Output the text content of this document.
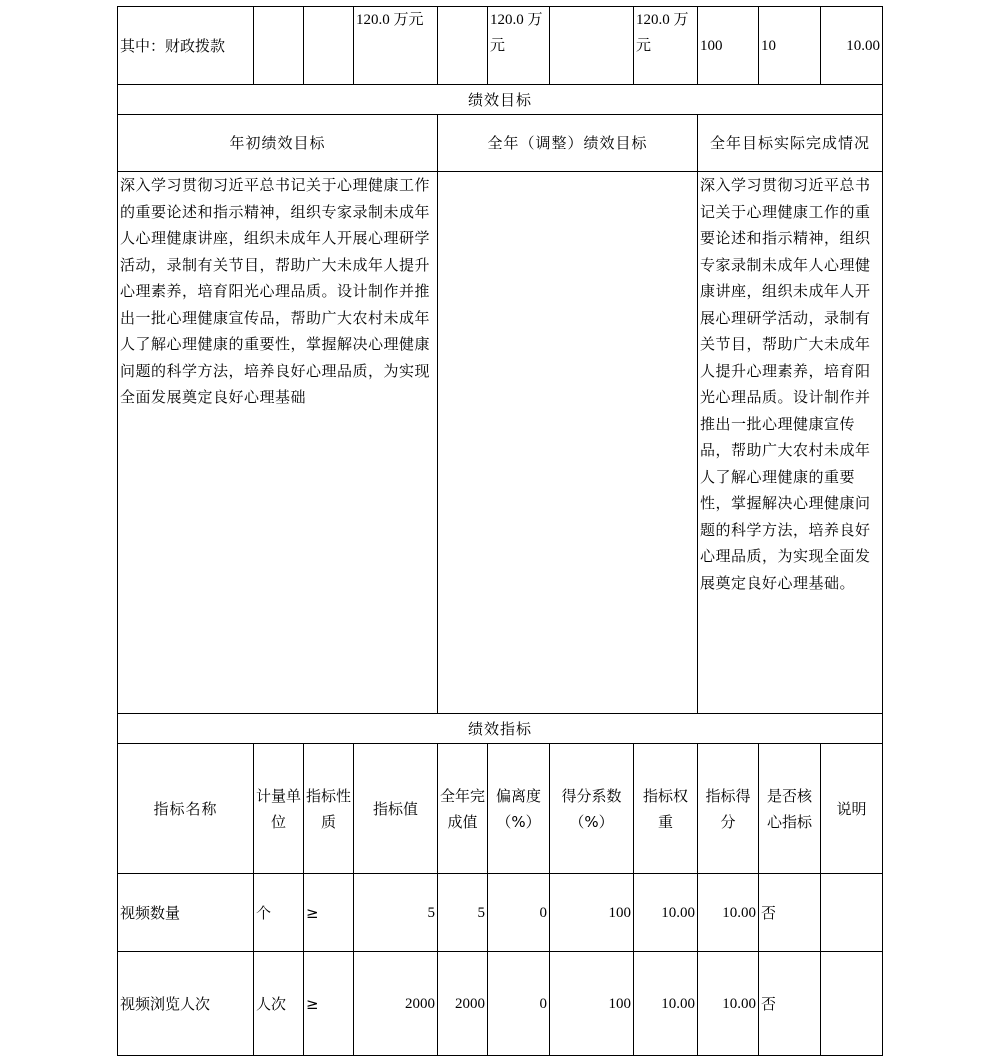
其中：财政拨款			120.0 万元		120.0 万元		120.0 万元	100	10	10.00
绩效目标										
年初绩效目标				全年（调整）绩效目标				全年目标实际完成情况		
深入学习贯彻习近平总书记关于心理健康工作的重要论述和指示精神，组织专家录制未成年人心理健康讲座，组织未成年人开展心理研学活动，录制有关节目，帮助广大未成年人提升心理素养，培育阳光心理品质。设计制作并推出一批心理健康宣传品，帮助广大农村未成年人了解心理健康的重要性，掌握解决心理健康问题的科学方法，培养良好心理品质，为实现全面发展奠定良好心理基础								深入学习贯彻习近平总书记关于心理健康工作的重要论述和指示精神，组织专家录制未成年人心理健康讲座，组织未成年人开展心理研学活动，录制有关节目，帮助广大未成年人提升心理素养，培育阳光心理品质。设计制作并推出一批心理健康宣传品，帮助广大农村未成年人了解心理健康的重要性，掌握解决心理健康问题的科学方法，培养良好心理品质，为实现全面发展奠定良好心理基础。		
绩效指标										
指标名称	计量单位	指标性质	指标值	全年完成值	偏离度（%）	得分系数（%）	指标权重	指标得分	是否核心指标	说明
视频数量	个	≥	5	5	0	100	10.00	10.00	否	
视频浏览人次	人次	≥	2000	2000	0	100	10.00	10.00	否	
